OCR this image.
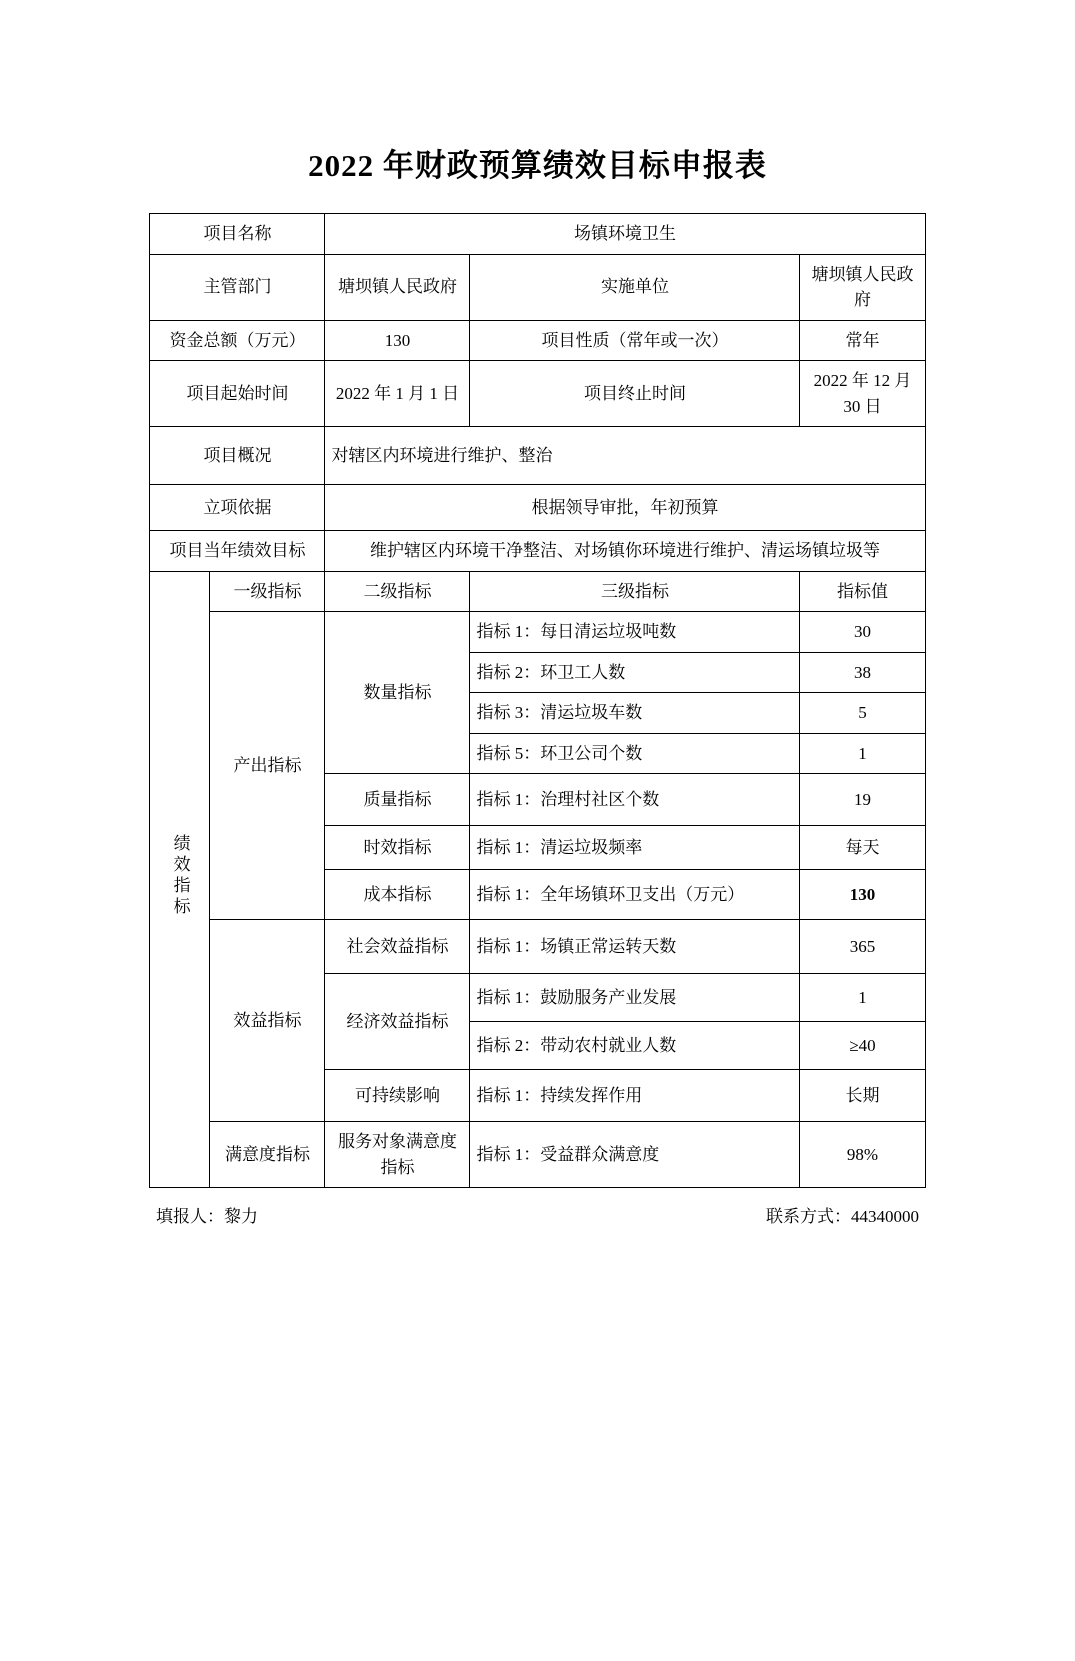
2022 年财政预算绩效目标申报表
项目名称		场镇环境卫生		
主管部门		塘坝镇人民政府	实施单位	塘坝镇人民政府
资金总额（万元）		130	项目性质（常年或一次）	常年
项目起始时间		2022 年 1 月 1 日	项目终止时间	2022 年 12 月 30 日
项目概况		对辖区内环境进行维护、整治		
立项依据		根据领导审批，年初预算		
项目当年绩效目标		维护辖区内环境干净整洁、对场镇你环境进行维护、清运场镇垃圾等		
绩效指标	一级指标	二级指标	三级指标	指标值
	产出指标	数量指标	指标 1：每日清运垃圾吨数	30
			指标 2：环卫工人数	38
			指标 3：清运垃圾车数	5
			指标 5：环卫公司个数	1
		质量指标	指标 1：治理村社区个数	19
		时效指标	指标 1：清运垃圾频率	每天
		成本指标	指标 1：全年场镇环卫支出（万元）	130
	效益指标	社会效益指标	指标 1：场镇正常运转天数	365
		经济效益指标	指标 1：鼓励服务产业发展	1
			指标 2：带动农村就业人数	≥40
		可持续影响	指标 1：持续发挥作用	长期
	满意度指标	服务对象满意度指标	指标 1：受益群众满意度	98%
填报人：黎力	联系方式：44340000
